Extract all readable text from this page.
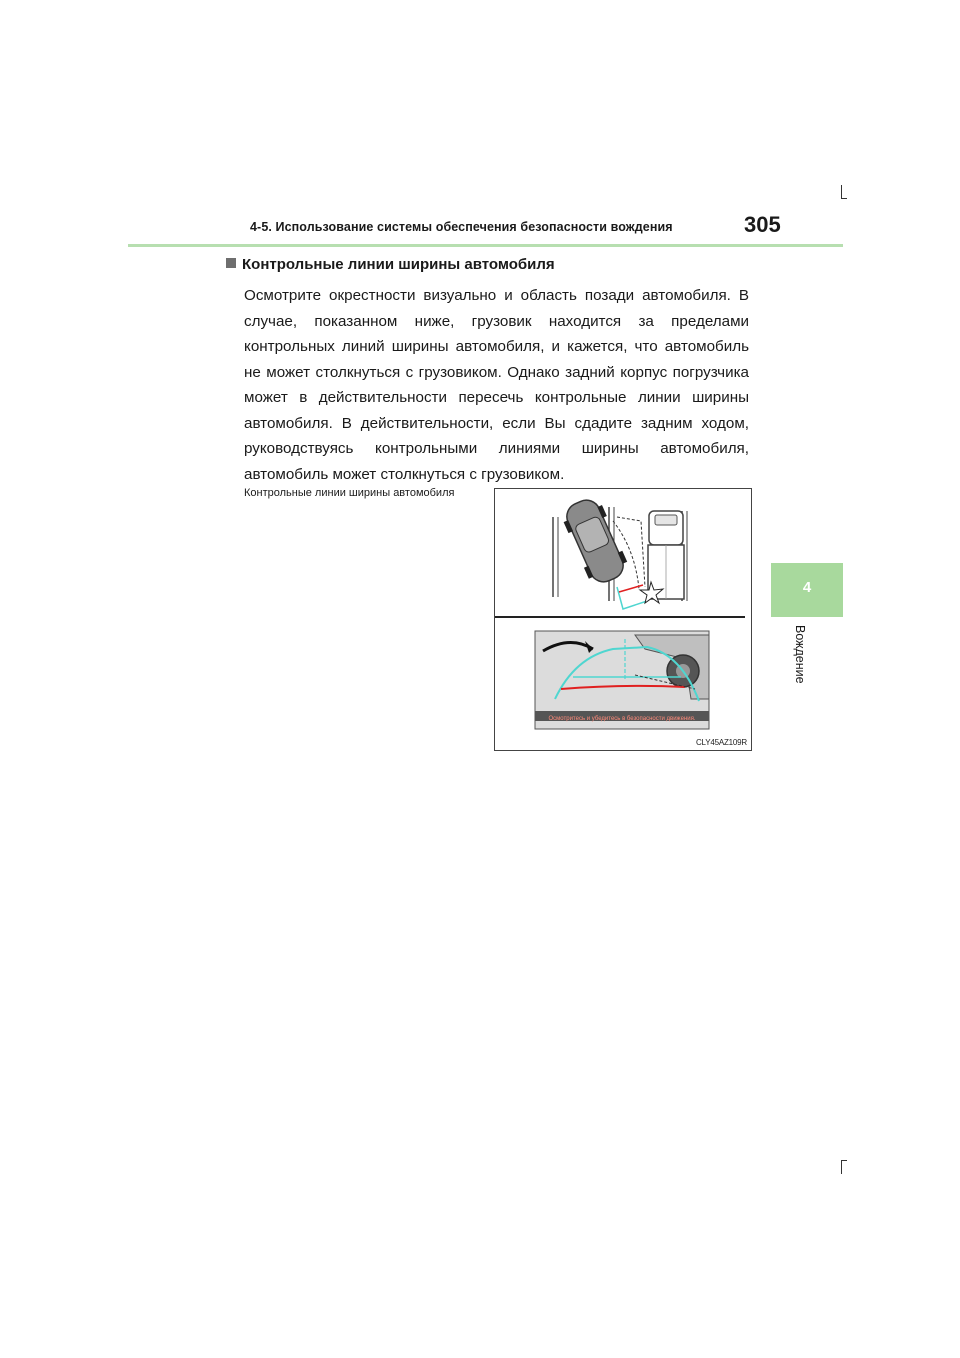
4-5. Использование системы обеспечения безопасности вождения	305
4
Вождение
Контрольные линии ширины автомобиля
Осмотрите окрестности визуально и область позади автомобиля. В случае, показанном ниже, грузовик находится за пределами контрольных линий ширины автомобиля, и кажется, что автомобиль не может столкнуться с грузовиком. Однако задний корпус погрузчика может в действительности пересечь контрольные линии ширины автомобиля. В действительности, если Вы сдадите задним ходом, руководствуясь контрольными линиями ширины автомобиля, автомобиль может столкнуться с грузовиком.
Контрольные линии ширины автомобиля
Осмотритесь и убедитесь в безопасности движения.
CLY45AZ109R
